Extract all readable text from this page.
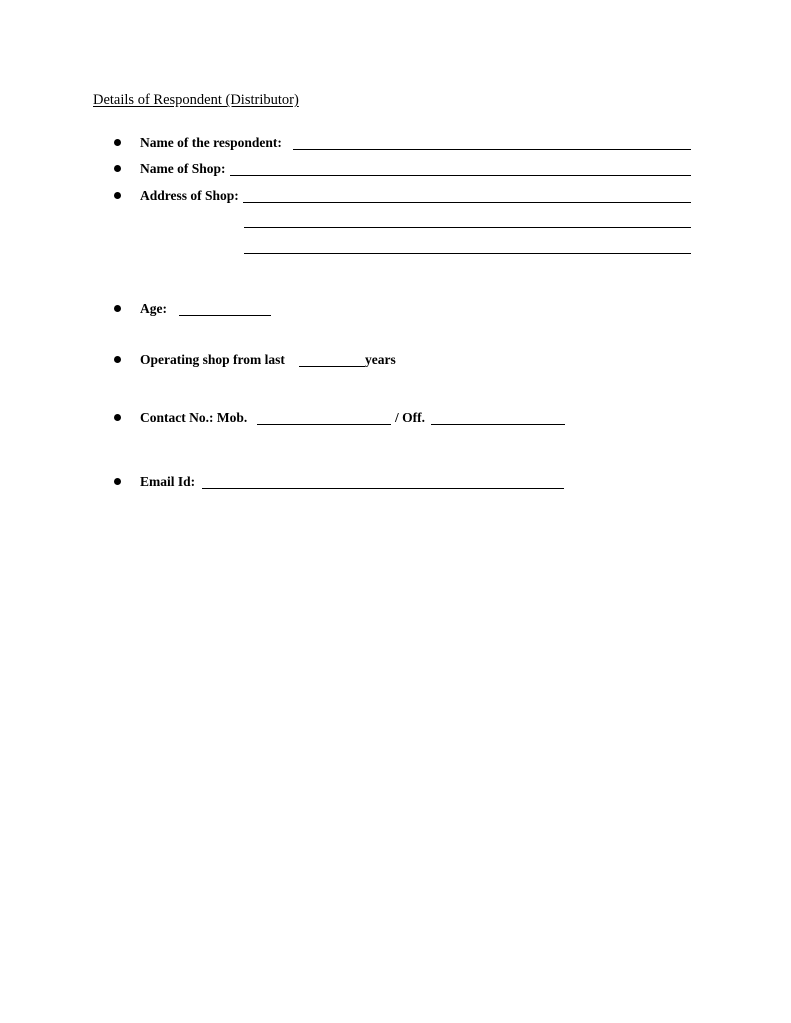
Details of Respondent (Distributor)
Name of the respondent:
Name of Shop:
Address of Shop:
Age:
Operating shop from last	years
Contact No.: Mob.	/ Off.
Email Id:
